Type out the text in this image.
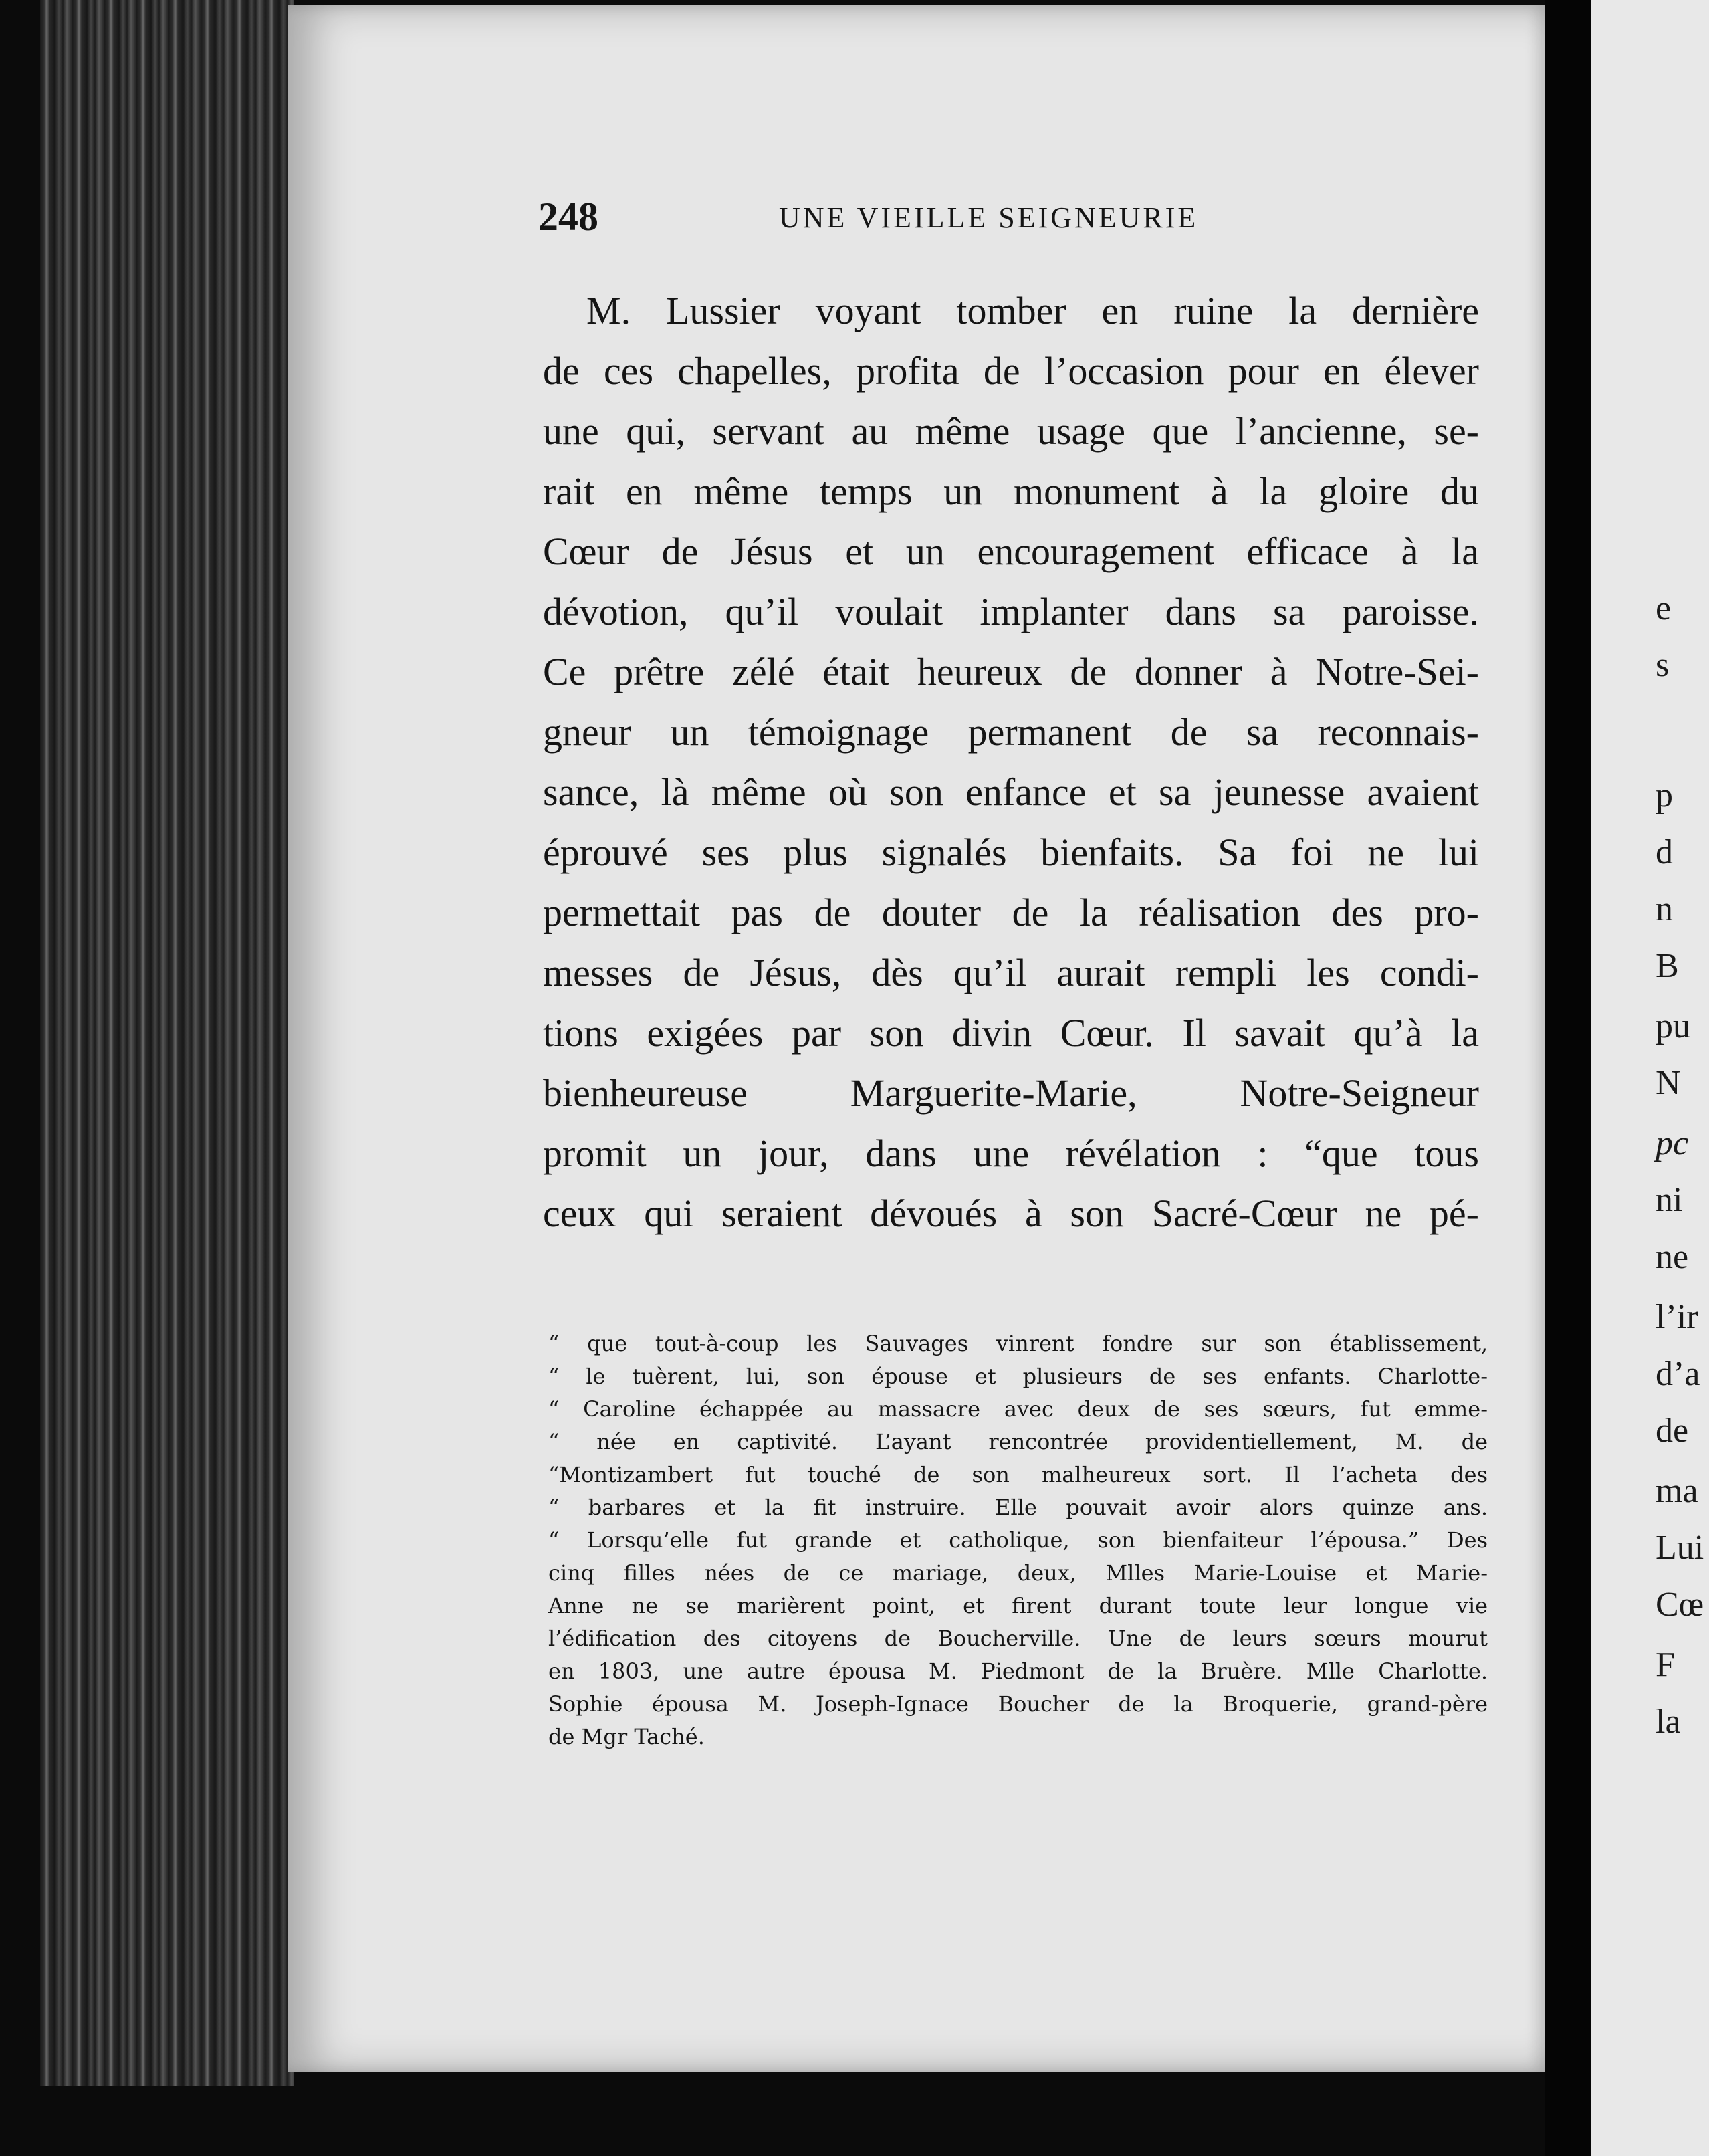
248	UNE VIEILLE SEIGNEURIE
M. Lussier voyant tomber en ruine la dernière
de ces chapelles, profita de l’occasion pour en élever
une qui, servant au même usage que l’ancienne, se-
rait en même temps un monument à la gloire du
Cœur de Jésus et un encouragement efficace à la
dévotion, qu’il voulait implanter dans sa paroisse.
Ce prêtre zélé était heureux de donner à Notre-Sei-
gneur un témoignage permanent de sa reconnais-
sance, là même où son enfance et sa jeunesse avaient
éprouvé ses plus signalés bienfaits. Sa foi ne lui
permettait pas de douter de la réalisation des pro-
messes de Jésus, dès qu’il aurait rempli les condi-
tions exigées par son divin Cœur. Il savait qu’à la
bienheureuse Marguerite-Marie, Notre-Seigneur
promit un jour, dans une révélation : “que tous
ceux qui seraient dévoués à son Sacré-Cœur ne pé-
“ que tout-à-coup les Sauvages vinrent fondre sur son établissement,
“ le tuèrent, lui, son épouse et plusieurs de ses enfants. Charlotte-
“ Caroline échappée au massacre avec deux de ses sœurs, fut emme-
“ née en captivité. L’ayant rencontrée providentiellement, M. de
“Montizambert fut touché de son malheureux sort. Il l’acheta des
“ barbares et la fit instruire. Elle pouvait avoir alors quinze ans.
“ Lorsqu’elle fut grande et catholique, son bienfaiteur l’épousa.” Des
cinq filles nées de ce mariage, deux, Mlles Marie-Louise et Marie-
Anne ne se marièrent point, et firent durant toute leur longue vie
l’édification des citoyens de Boucherville. Une de leurs sœurs mourut
en 1803, une autre épousa M. Piedmont de la Bruère. Mlle Charlotte.
Sophie épousa M. Joseph-Ignace Boucher de la Broquerie, grand-père
de Mgr Taché.
e
s
p
d
n
B
pu
N
pc
ni
ne
l’ir
d’a
de
ma
Lui
Cœ
F
la
